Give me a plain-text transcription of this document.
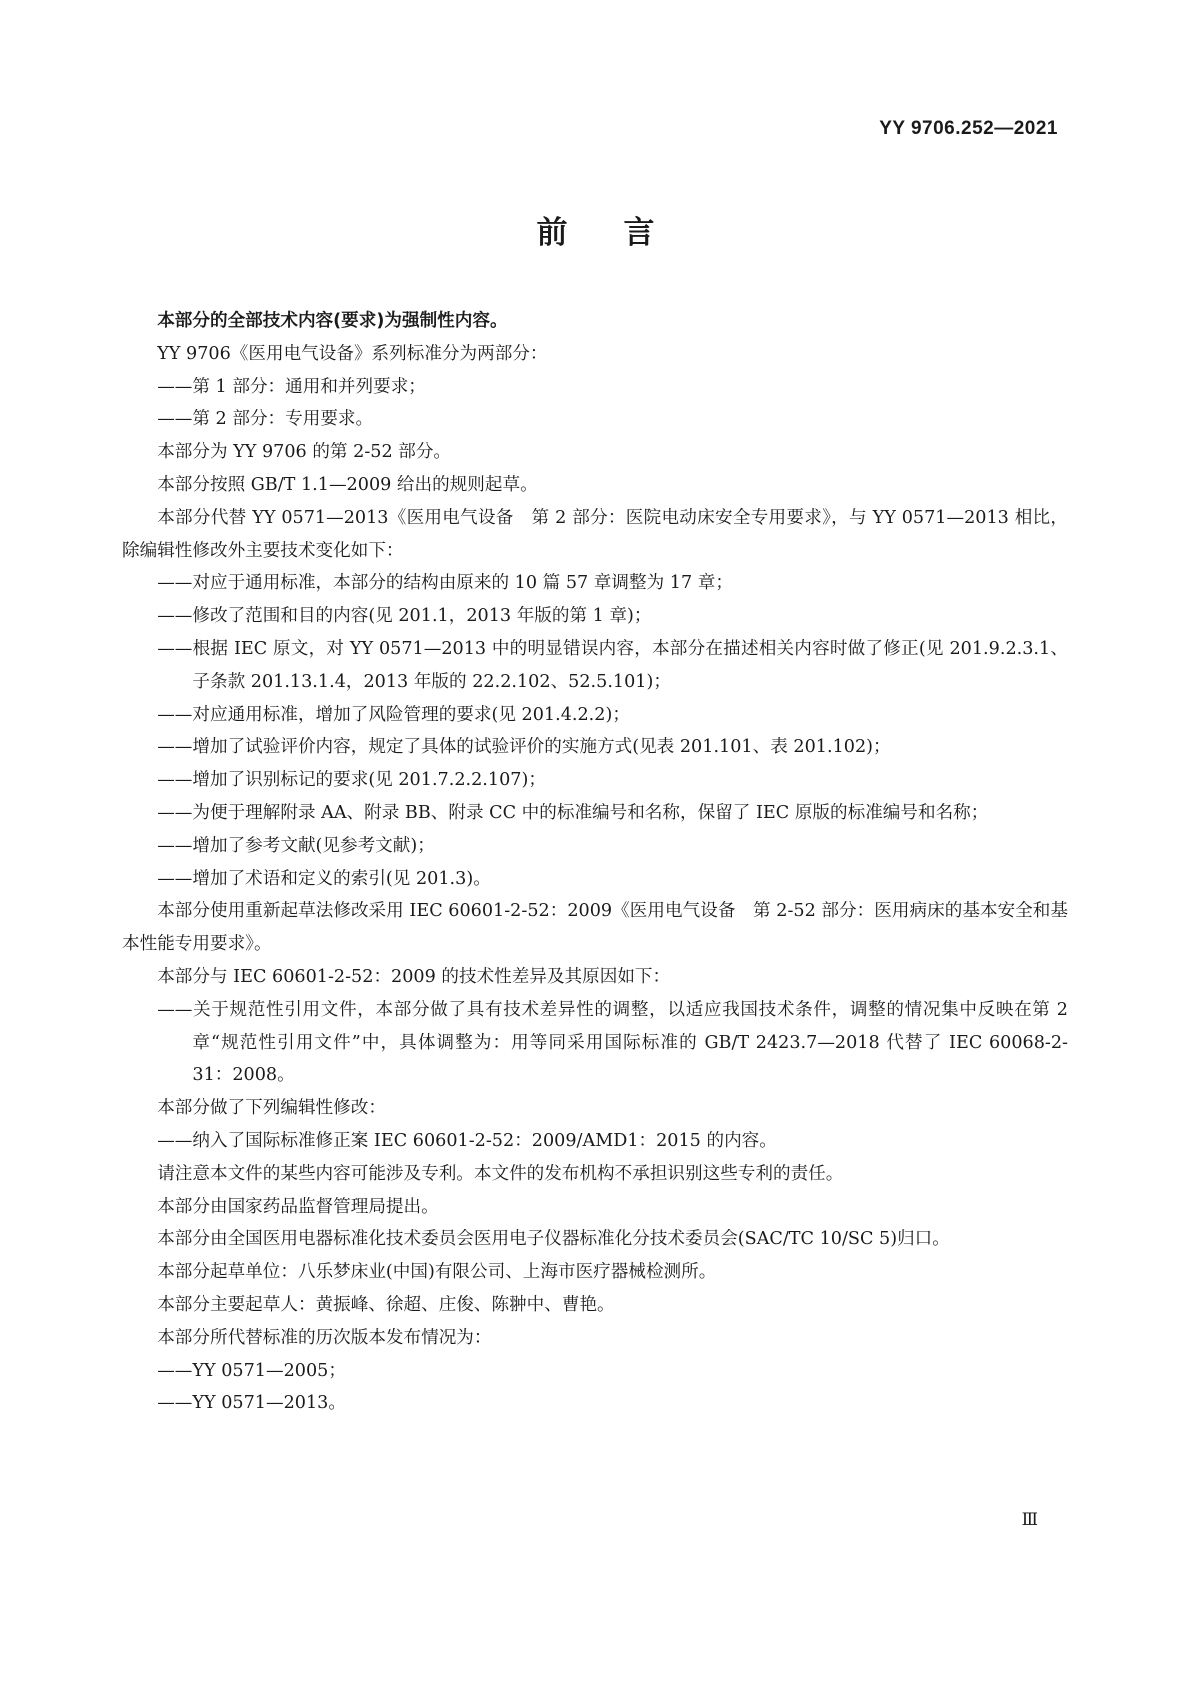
YY 9706.252—2021
前言

本部分的全部技术内容(要求)为强制性内容。

YY 9706《医用电气设备》系列标准分为两部分：

——第 1 部分：通用和并列要求；

——第 2 部分：专用要求。

本部分为 YY 9706 的第 2-52 部分。

本部分按照 GB/T 1.1—2009 给出的规则起草。

本部分代替 YY 0571—2013《医用电气设备　第 2 部分：医院电动床安全专用要求》，与 YY 0571—2013 相比，除编辑性修改外主要技术变化如下：

——对应于通用标准，本部分的结构由原来的 10 篇 57 章调整为 17 章；

——修改了范围和目的内容(见 201.1，2013 年版的第 1 章)；

——根据 IEC 原文，对 YY 0571—2013 中的明显错误内容，本部分在描述相关内容时做了修正(见 201.9.2.3.1、子条款 201.13.1.4，2013 年版的 22.2.102、52.5.101)；

——对应通用标准，增加了风险管理的要求(见 201.4.2.2)；

——增加了试验评价内容，规定了具体的试验评价的实施方式(见表 201.101、表 201.102)；

——增加了识别标记的要求(见 201.7.2.2.107)；

——为便于理解附录 AA、附录 BB、附录 CC 中的标准编号和名称，保留了 IEC 原版的标准编号和名称；

——增加了参考文献(见参考文献)；

——增加了术语和定义的索引(见 201.3)。

本部分使用重新起草法修改采用 IEC 60601-2-52：2009《医用电气设备　第 2-52 部分：医用病床的基本安全和基本性能专用要求》。

本部分与 IEC 60601-2-52：2009 的技术性差异及其原因如下：

——关于规范性引用文件，本部分做了具有技术差异性的调整，以适应我国技术条件，调整的情况集中反映在第 2 章“规范性引用文件”中，具体调整为：用等同采用国际标准的 GB/T 2423.7—2018 代替了 IEC 60068-2-31：2008。

本部分做了下列编辑性修改：

——纳入了国际标准修正案 IEC 60601-2-52：2009/AMD1：2015 的内容。

请注意本文件的某些内容可能涉及专利。本文件的发布机构不承担识别这些专利的责任。

本部分由国家药品监督管理局提出。

本部分由全国医用电器标准化技术委员会医用电子仪器标准化分技术委员会(SAC/TC 10/SC 5)归口。

本部分起草单位：八乐梦床业(中国)有限公司、上海市医疗器械检测所。

本部分主要起草人：黄振峰、徐超、庄俊、陈翀中、曹艳。

本部分所代替标准的历次版本发布情况为：

——YY 0571—2005；

——YY 0571—2013。

Ⅲ
